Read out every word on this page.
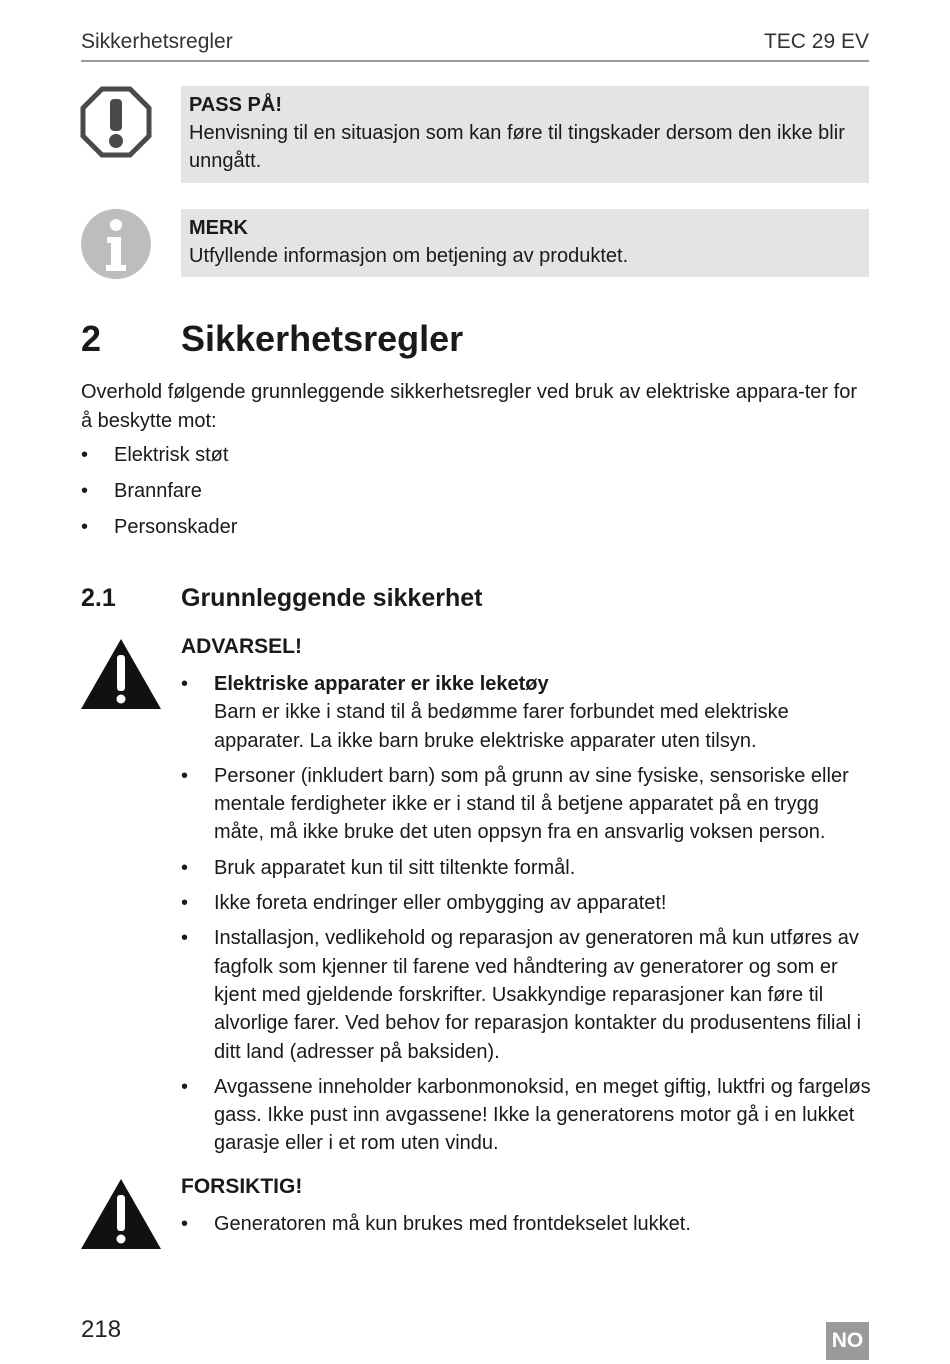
Sikkerhetsregler	TEC 29 EV
PASS PÅ!
Henvisning til en situasjon som kan føre til tingskader dersom den ikke blir unngått.
MERK
Utfyllende informasjon om betjening av produktet.
2 Sikkerhetsregler
Overhold følgende grunnleggende sikkerhetsregler ved bruk av elektriske appara-ter for å beskytte mot:
• Elektrisk støt
• Brannfare
• Personskader
2.1	Grunnleggende sikkerhet
ADVARSEL!
• Elektriske apparater er ikke leketøy
Barn er ikke i stand til å bedømme farer forbundet med elektriske apparater. La ikke barn bruke elektriske apparater uten tilsyn.
• Personer (inkludert barn) som på grunn av sine fysiske, sensoriske eller mentale ferdigheter ikke er i stand til å betjene apparatet på en trygg måte, må ikke bruke det uten oppsyn fra en ansvarlig voksen person.
• Bruk apparatet kun til sitt tiltenkte formål.
• Ikke foreta endringer eller ombygging av apparatet!
• Installasjon, vedlikehold og reparasjon av generatoren må kun utføres av fagfolk som kjenner til farene ved håndtering av generatorer og som er kjent med gjeldende forskrifter. Usakkyndige reparasjoner kan føre til alvorlige farer. Ved behov for reparasjon kontakter du produsentens filial i ditt land (adresser på baksiden).
• Avgassene inneholder karbonmonoksid, en meget giftig, luktfri og fargeløs gass. Ikke pust inn avgassene! Ikke la generatorens motor gå i en lukket garasje eller i et rom uten vindu.
FORSIKTIG!
• Generatoren må kun brukes med frontdekselet lukket.
218	NO
